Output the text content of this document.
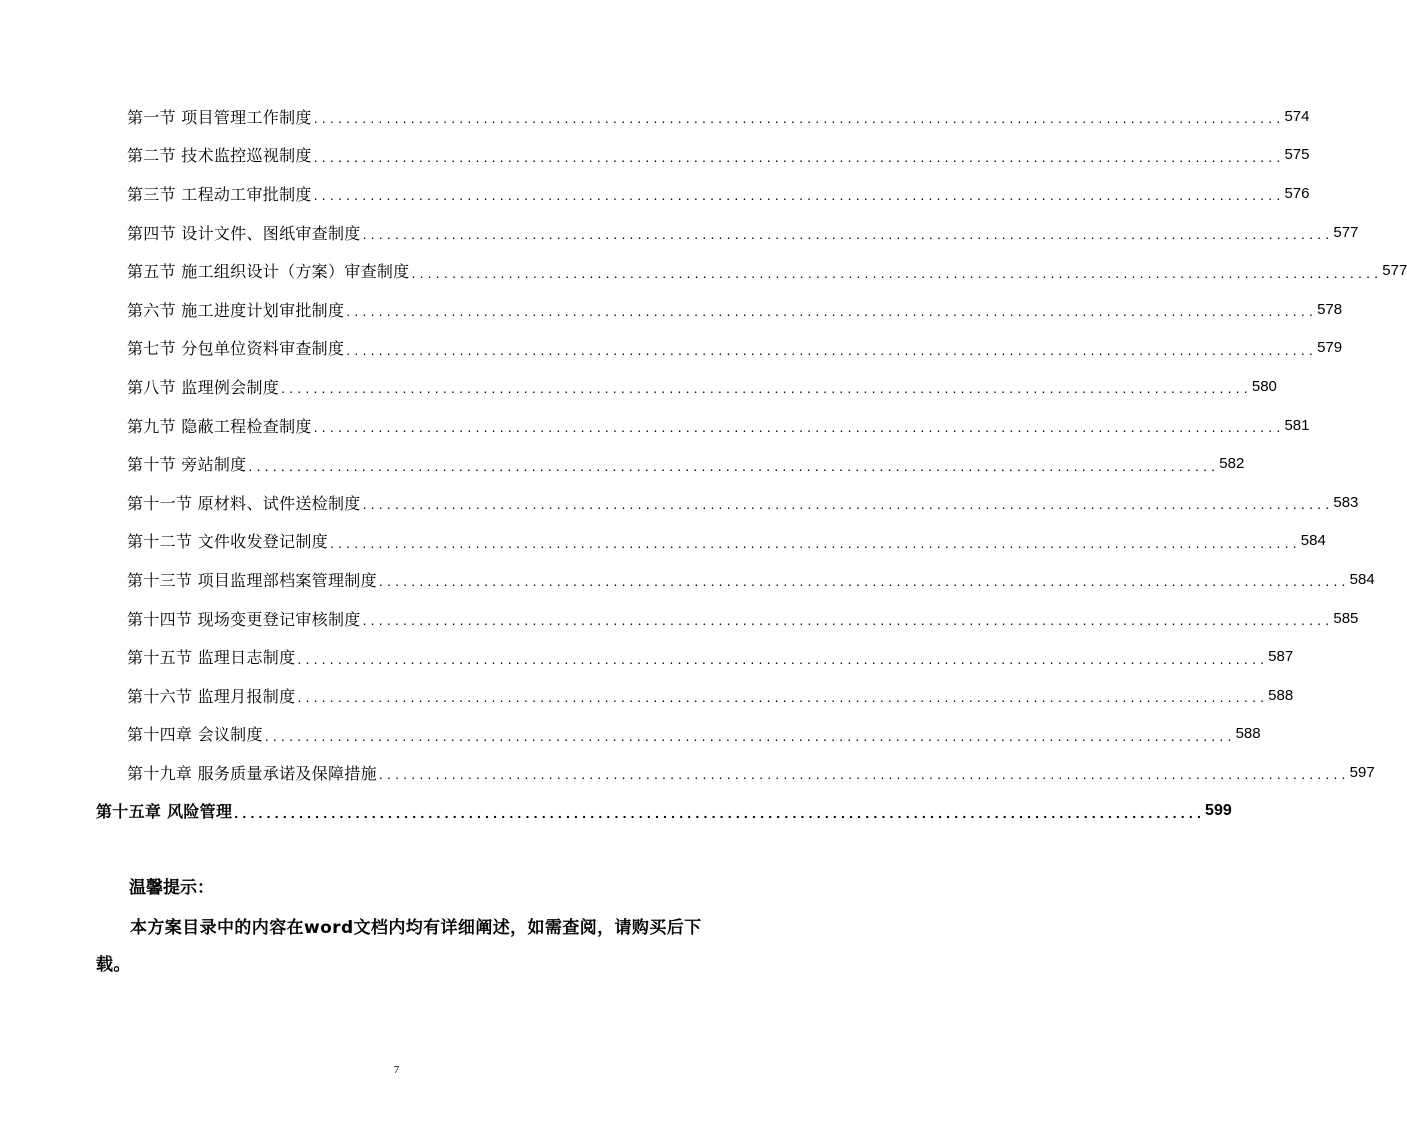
第一节 项目管理工作制度 ........................................................................................................................ 574
第二节 技术监控巡视制度 ........................................................................................................................ 575
第三节 工程动工审批制度 ........................................................................................................................ 576
第四节 设计文件、图纸审查制度 ........................................................................................................................ 577
第五节 施工组织设计（方案）审查制度 ........................................................................................................................ 577
第六节 施工进度计划审批制度 ........................................................................................................................ 578
第七节 分包单位资料审查制度 ........................................................................................................................ 579
第八节 监理例会制度 ........................................................................................................................ 580
第九节 隐蔽工程检查制度 ........................................................................................................................ 581
第十节 旁站制度 ........................................................................................................................ 582
第十一节 原材料、试件送检制度 ........................................................................................................................ 583
第十二节 文件收发登记制度 ........................................................................................................................ 584
第十三节 项目监理部档案管理制度 ........................................................................................................................ 584
第十四节 现场变更登记审核制度 ........................................................................................................................ 585
第十五节 监理日志制度 ........................................................................................................................ 587
第十六节 监理月报制度 ........................................................................................................................ 588
第十四章 会议制度 ........................................................................................................................ 588
第十九章 服务质量承诺及保障措施 ........................................................................................................................ 597
第十五章 风险管理 ........................................................................................................................ 599
温馨提示：
本方案目录中的内容在word文档内均有详细阐述，如需查阅，请购买后下载。
7
